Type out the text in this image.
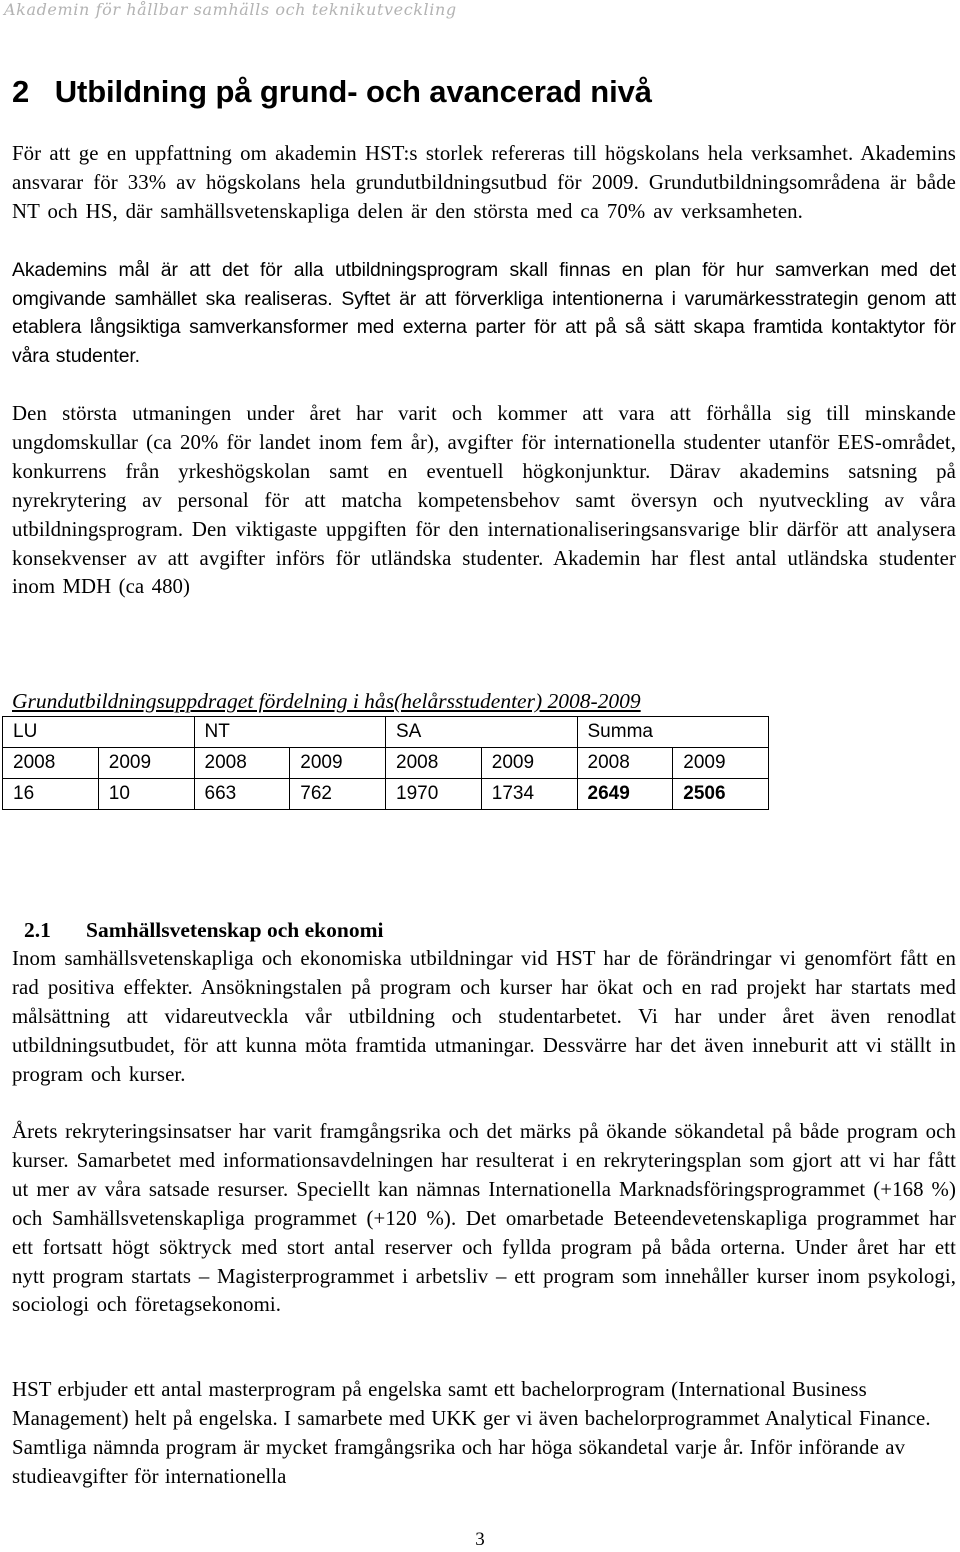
Akademin för hållbar samhälls och teknikutveckling
2 Utbildning på grund- och avancerad nivå

För att ge en uppfattning om akademin HST:s storlek refereras till högskolans hela verksamhet. Akademins ansvarar för 33% av högskolans hela grundutbildningsutbud för 2009. Grundutbildningsområdena är både NT och HS, där samhällsvetenskapliga delen är den största med ca 70% av verksamheten.

Akademins mål är att det för alla utbildningsprogram skall finnas en plan för hur samverkan med det omgivande samhället ska realiseras. Syftet är att förverkliga intentionerna i varumärkesstrategin genom att etablera långsiktiga samverkansformer med externa parter för att på så sätt skapa framtida kontaktytor för våra studenter.

Den största utmaningen under året har varit och kommer att vara att förhålla sig till minskande ungdomskullar (ca 20% för landet inom fem år), avgifter för internationella studenter utanför EES-området, konkurrens från yrkeshögskolan samt en eventuell högkonjunktur. Därav akademins satsning på nyrekrytering av personal för att matcha kompetensbehov samt översyn och nyutveckling av våra utbildningsprogram. Den viktigaste uppgiften för den internationaliseringsansvarige blir därför att analysera konsekvenser av att avgifter införs för utländska studenter. Akademin har flest antal utländska studenter inom MDH (ca 480)

Grundutbildningsuppdraget fördelning i hås(helårsstudenter) 2008-2009
LU		NT		SA		Summa	
2008	2009	2008	2009	2008	2009	2008	2009
16	10	663	762	1970	1734	2649	2506
2.1 Samhällsvetenskap och ekonomi

Inom samhällsvetenskapliga och ekonomiska utbildningar vid HST har de förändringar vi genomfört fått en rad positiva effekter. Ansökningstalen på program och kurser har ökat och en rad projekt har startats med målsättning att vidareutveckla vår utbildning och studentarbetet. Vi har under året även renodlat utbildningsutbudet, för att kunna möta framtida utmaningar. Dessvärre har det även inneburit att vi ställt in program och kurser.

Årets rekryteringsinsatser har varit framgångsrika och det märks på ökande sökandetal på både program och kurser. Samarbetet med informationsavdelningen har resulterat i en rekryteringsplan som gjort att vi har fått ut mer av våra satsade resurser. Speciellt kan nämnas Internationella Marknadsföringsprogrammet (+168 %) och Samhällsvetenskapliga programmet (+120 %). Det omarbetade Beteendevetenskapliga programmet har ett fortsatt högt söktryck med stort antal reserver och fyllda program på båda orterna. Under året har ett nytt program startats – Magisterprogrammet i arbetsliv – ett program som innehåller kurser inom psykologi, sociologi och företagsekonomi.

HST erbjuder ett antal masterprogram på engelska samt ett bachelorprogram (International Business Management) helt på engelska. I samarbete med UKK ger vi även bachelorprogrammet Analytical Finance. Samtliga nämnda program är mycket framgångsrika och har höga sökandetal varje år. Inför införande av studieavgifter för internationella

3
